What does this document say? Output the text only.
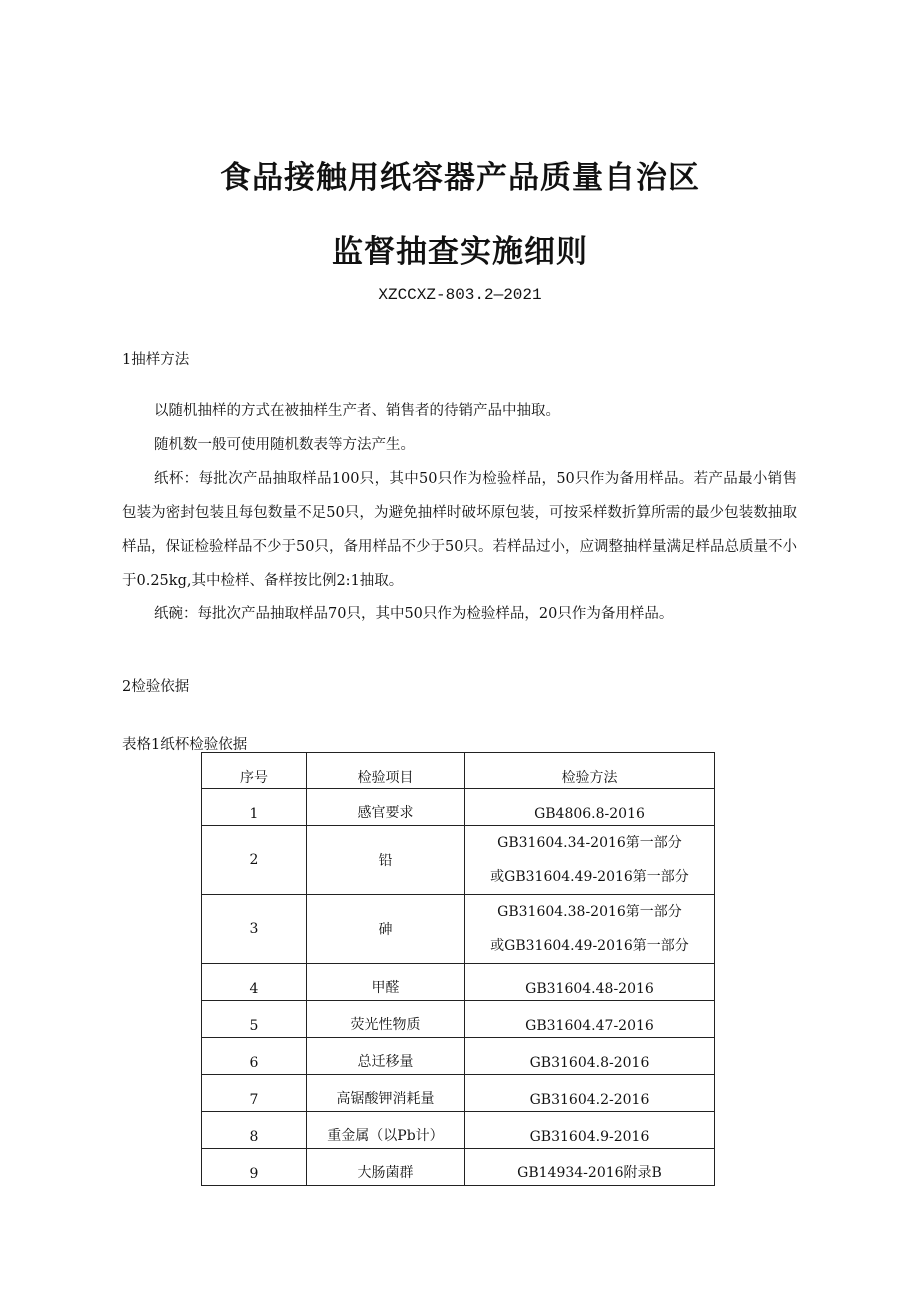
食品接触用纸容器产品质量自治区
监督抽查实施细则
XZCCXZ-803.2—2021

1抽样方法

以随机抽样的方式在被抽样生产者、销售者的待销产品中抽取。

随机数一般可使用随机数表等方法产生。

纸杯：每批次产品抽取样品100只，其中50只作为检验样品，50只作为备用样品。若产品最小销售包装为密封包装且每包数量不足50只，为避免抽样时破坏原包装，可按采样数折算所需的最少包装数抽取样品，保证检验样品不少于50只，备用样品不少于50只。若样品过小，应调整抽样量满足样品总质量不小于0.25kg,其中检样、备样按比例2:1抽取。

纸碗：每批次产品抽取样品70只，其中50只作为检验样品，20只作为备用样品。

2检验依据

表格1纸杯检验依据

序号	检验项目	检验方法
1	感官要求	GB4806.8-2016
2	铅	GB31604.34-2016第一部分
或GB31604.49-2016第一部分

3	砷	GB31604.38-2016第一部分
或GB31604.49-2016第一部分

4	甲醛	GB31604.48-2016
5	荧光性物质	GB31604.47-2016
6	总迁移量	GB31604.8-2016
7	高锯酸钾消耗量	GB31604.2-2016
8	重金属（以Pb计）	GB31604.9-2016
9	大肠菌群	GB14934-2016附录B
